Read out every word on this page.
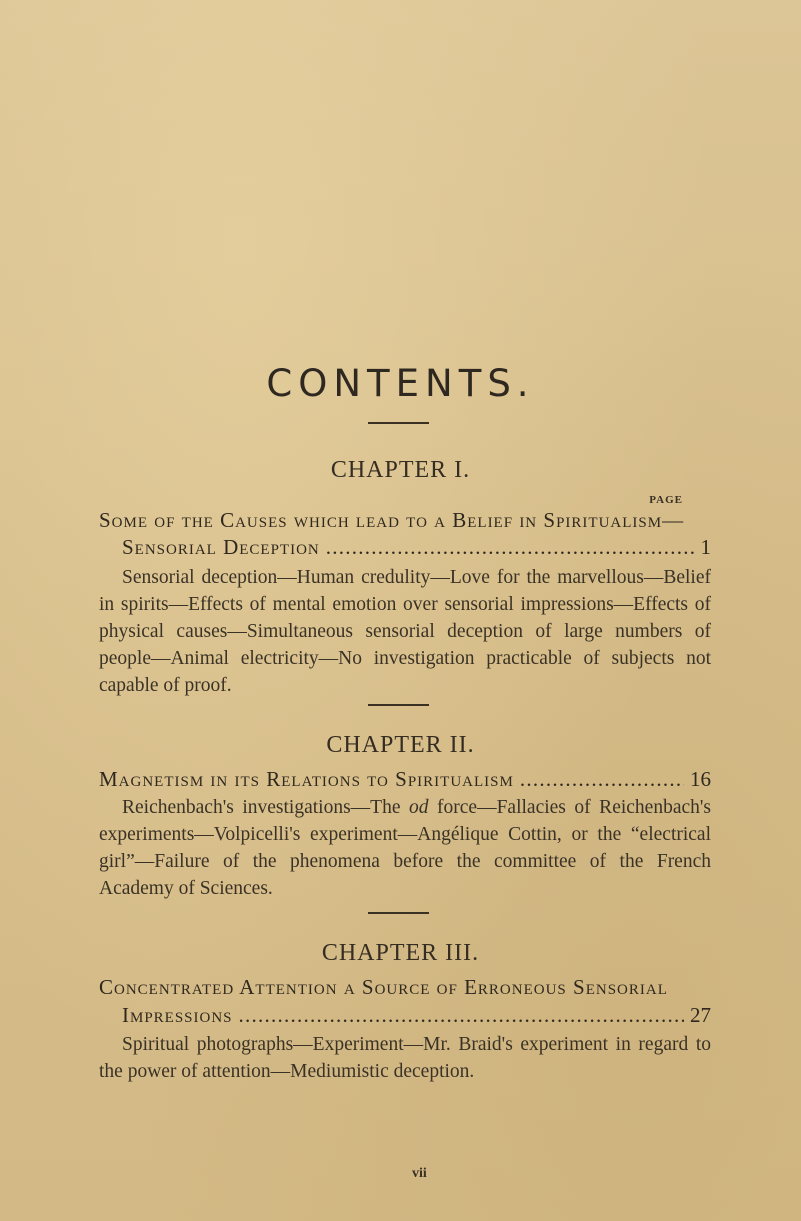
CONTENTS.
CHAPTER I.
PAGE
Some of the Causes which lead to a Belief in Spiritualism—
Sensorial Deception . . .	1

Sensorial deception—Human credulity—Love for the marvellous—Belief in spirits—Effects of mental emotion over sensorial impressions—Effects of physical causes—Simultaneous sensorial deception of large numbers of people—Animal electricity—No investigation practicable of subjects not capable of proof.

CHAPTER II.
Magnetism in its Relations to Spiritualism . . .	16

Reichenbach's investigations—The od force—Fallacies of Reichenbach's experiments—Volpicelli's experiment—Angélique Cottin, or the “electrical girl”—Failure of the phenomena before the committee of the French Academy of Sciences.

CHAPTER III.
Concentrated Attention a Source of Erroneous Sensorial
Impressions . . .	27

Spiritual photographs—Experiment—Mr. Braid's experiment in regard to the power of attention—Mediumistic deception.

vii
